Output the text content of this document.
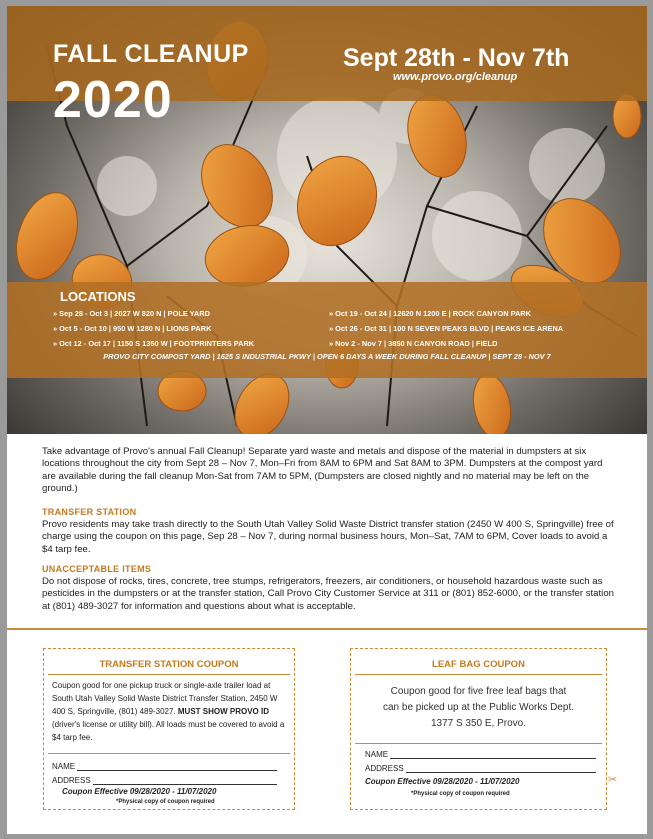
FALL CLEANUP
2020
Sept 28th - Nov 7th
www.provo.org/cleanup
LOCATIONS
» Sep 28 - Oct 3 | 2027 W 820 N | POLE YARD
» Oct 5 - Oct 10 | 950 W 1280 N | LIONS PARK
» Oct 12 - Oct 17 | 1150 S 1350 W | FOOTPRINTERS PARK
» Oct 19 - Oct 24 | 12620 N 1200 E | ROCK CANYON PARK
» Oct 26 - Oct 31 | 100 N SEVEN PEAKS BLVD | PEAKS ICE ARENA
» Nov 2 - Nov 7 | 3850 N CANYON ROAD | FIELD
PROVO CITY COMPOST YARD | 1625 S INDUSTRIAL PKWY | OPEN 6 DAYS A WEEK DURING FALL CLEANUP | SEPT 28 - NOV 7
Take advantage of Provo's annual Fall Cleanup! Separate yard waste and metals and dispose of the material in dumpsters at six locations throughout the city from Sept 28 – Nov 7, Mon–Fri from 8AM to 6PM and Sat 8AM to 3PM. Dumpsters at the compost yard are available during the fall cleanup Mon-Sat from 7AM to 5PM, (Dumpsters are closed nightly and no material may be left on the ground.)
TRANSFER STATION
Provo residents may take trash directly to the South Utah Valley Solid Waste District transfer station (2450 W 400 S, Springville) free of charge using the coupon on this page, Sep 28 – Nov 7, during normal business hours, Mon–Sat, 7AM to 6PM, Cover loads to avoid a $4 tarp fee.
UNACCEPTABLE ITEMS
Do not dispose of rocks, tires, concrete, tree stumps, refrigerators, freezers, air conditioners, or household hazardous waste such as pesticides in the dumpsters or at the transfer station, Call Provo City Customer Service at 311 or (801) 852-6000, or the transfer station at (801) 489-3027 for information and questions about what is acceptable.
TRANSFER STATION COUPON
Coupon good for one pickup truck or single-axle trailer load at South Utah Valley Solid Waste District Transfer Station, 2450 W 400 S, Springville, (801) 489-3027. MUST SHOW PROVO ID (driver's license or utility bill). All loads must be covered to avoid a $4 tarp fee.
NAME
ADDRESS
Coupon Effective 09/28/2020 - 11/07/2020
*Physical copy of coupon required
LEAF BAG COUPON
Coupon good for five free leaf bags that
can be picked up at the Public Works Dept.
1377 S 350 E, Provo.
NAME
ADDRESS
Coupon Effective 09/28/2020 - 11/07/2020
*Physical copy of coupon required
✂
